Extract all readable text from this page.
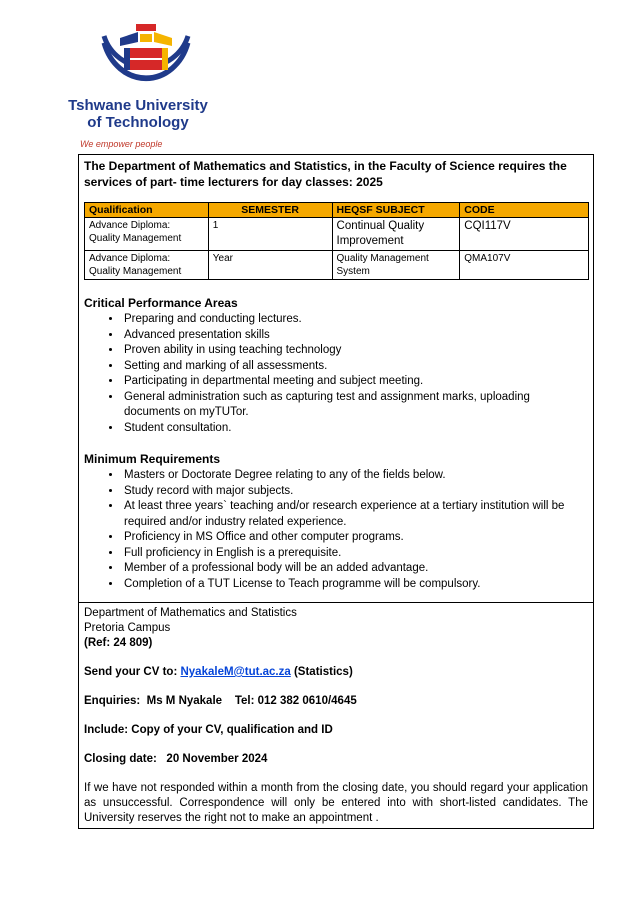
Tshwane University
of Technology
We empower people

The Department of Mathematics and Statistics, in the Faculty of Science requires the services of part- time lecturers for day classes: 2025

Qualification	SEMESTER	HEQSF SUBJECT	CODE
Advance Diploma: Quality Management	1	Continual Quality Improvement	CQI117V
Advance Diploma: Quality Management	Year	Quality Management System	QMA107V
Critical Performance Areas
• Preparing and conducting lectures.
• Advanced presentation skills
• Proven ability in using teaching technology
• Setting and marking of all assessments.
• Participating in departmental meeting and subject meeting.
• General administration such as capturing test and assignment marks, uploading documents on myTUTor.
• Student consultation.
Minimum Requirements
• Masters or Doctorate Degree relating to any of the fields below.
• Study record with major subjects.
• At least three years` teaching and/or research experience at a tertiary institution will be required and/or industry related experience.
• Proficiency in MS Office and other computer programs.
• Full proficiency in English is a prerequisite.
• Member of a professional body will be an added advantage.
• Completion of a TUT License to Teach programme will be compulsory.
Department of Mathematics and Statistics
Pretoria Campus
(Ref: 24 809)
Send your CV to: NyakaleM@tut.ac.za (Statistics)
Enquiries:  Ms M Nyakale    Tel: 012 382 0610/4645
Include: Copy of your CV, qualification and ID
Closing date:   20 November 2024
If we have not responded within a month from the closing date, you should regard your application as unsuccessful. Correspondence will only be entered into with short-listed candidates. The University reserves the right not to make an appointment .
